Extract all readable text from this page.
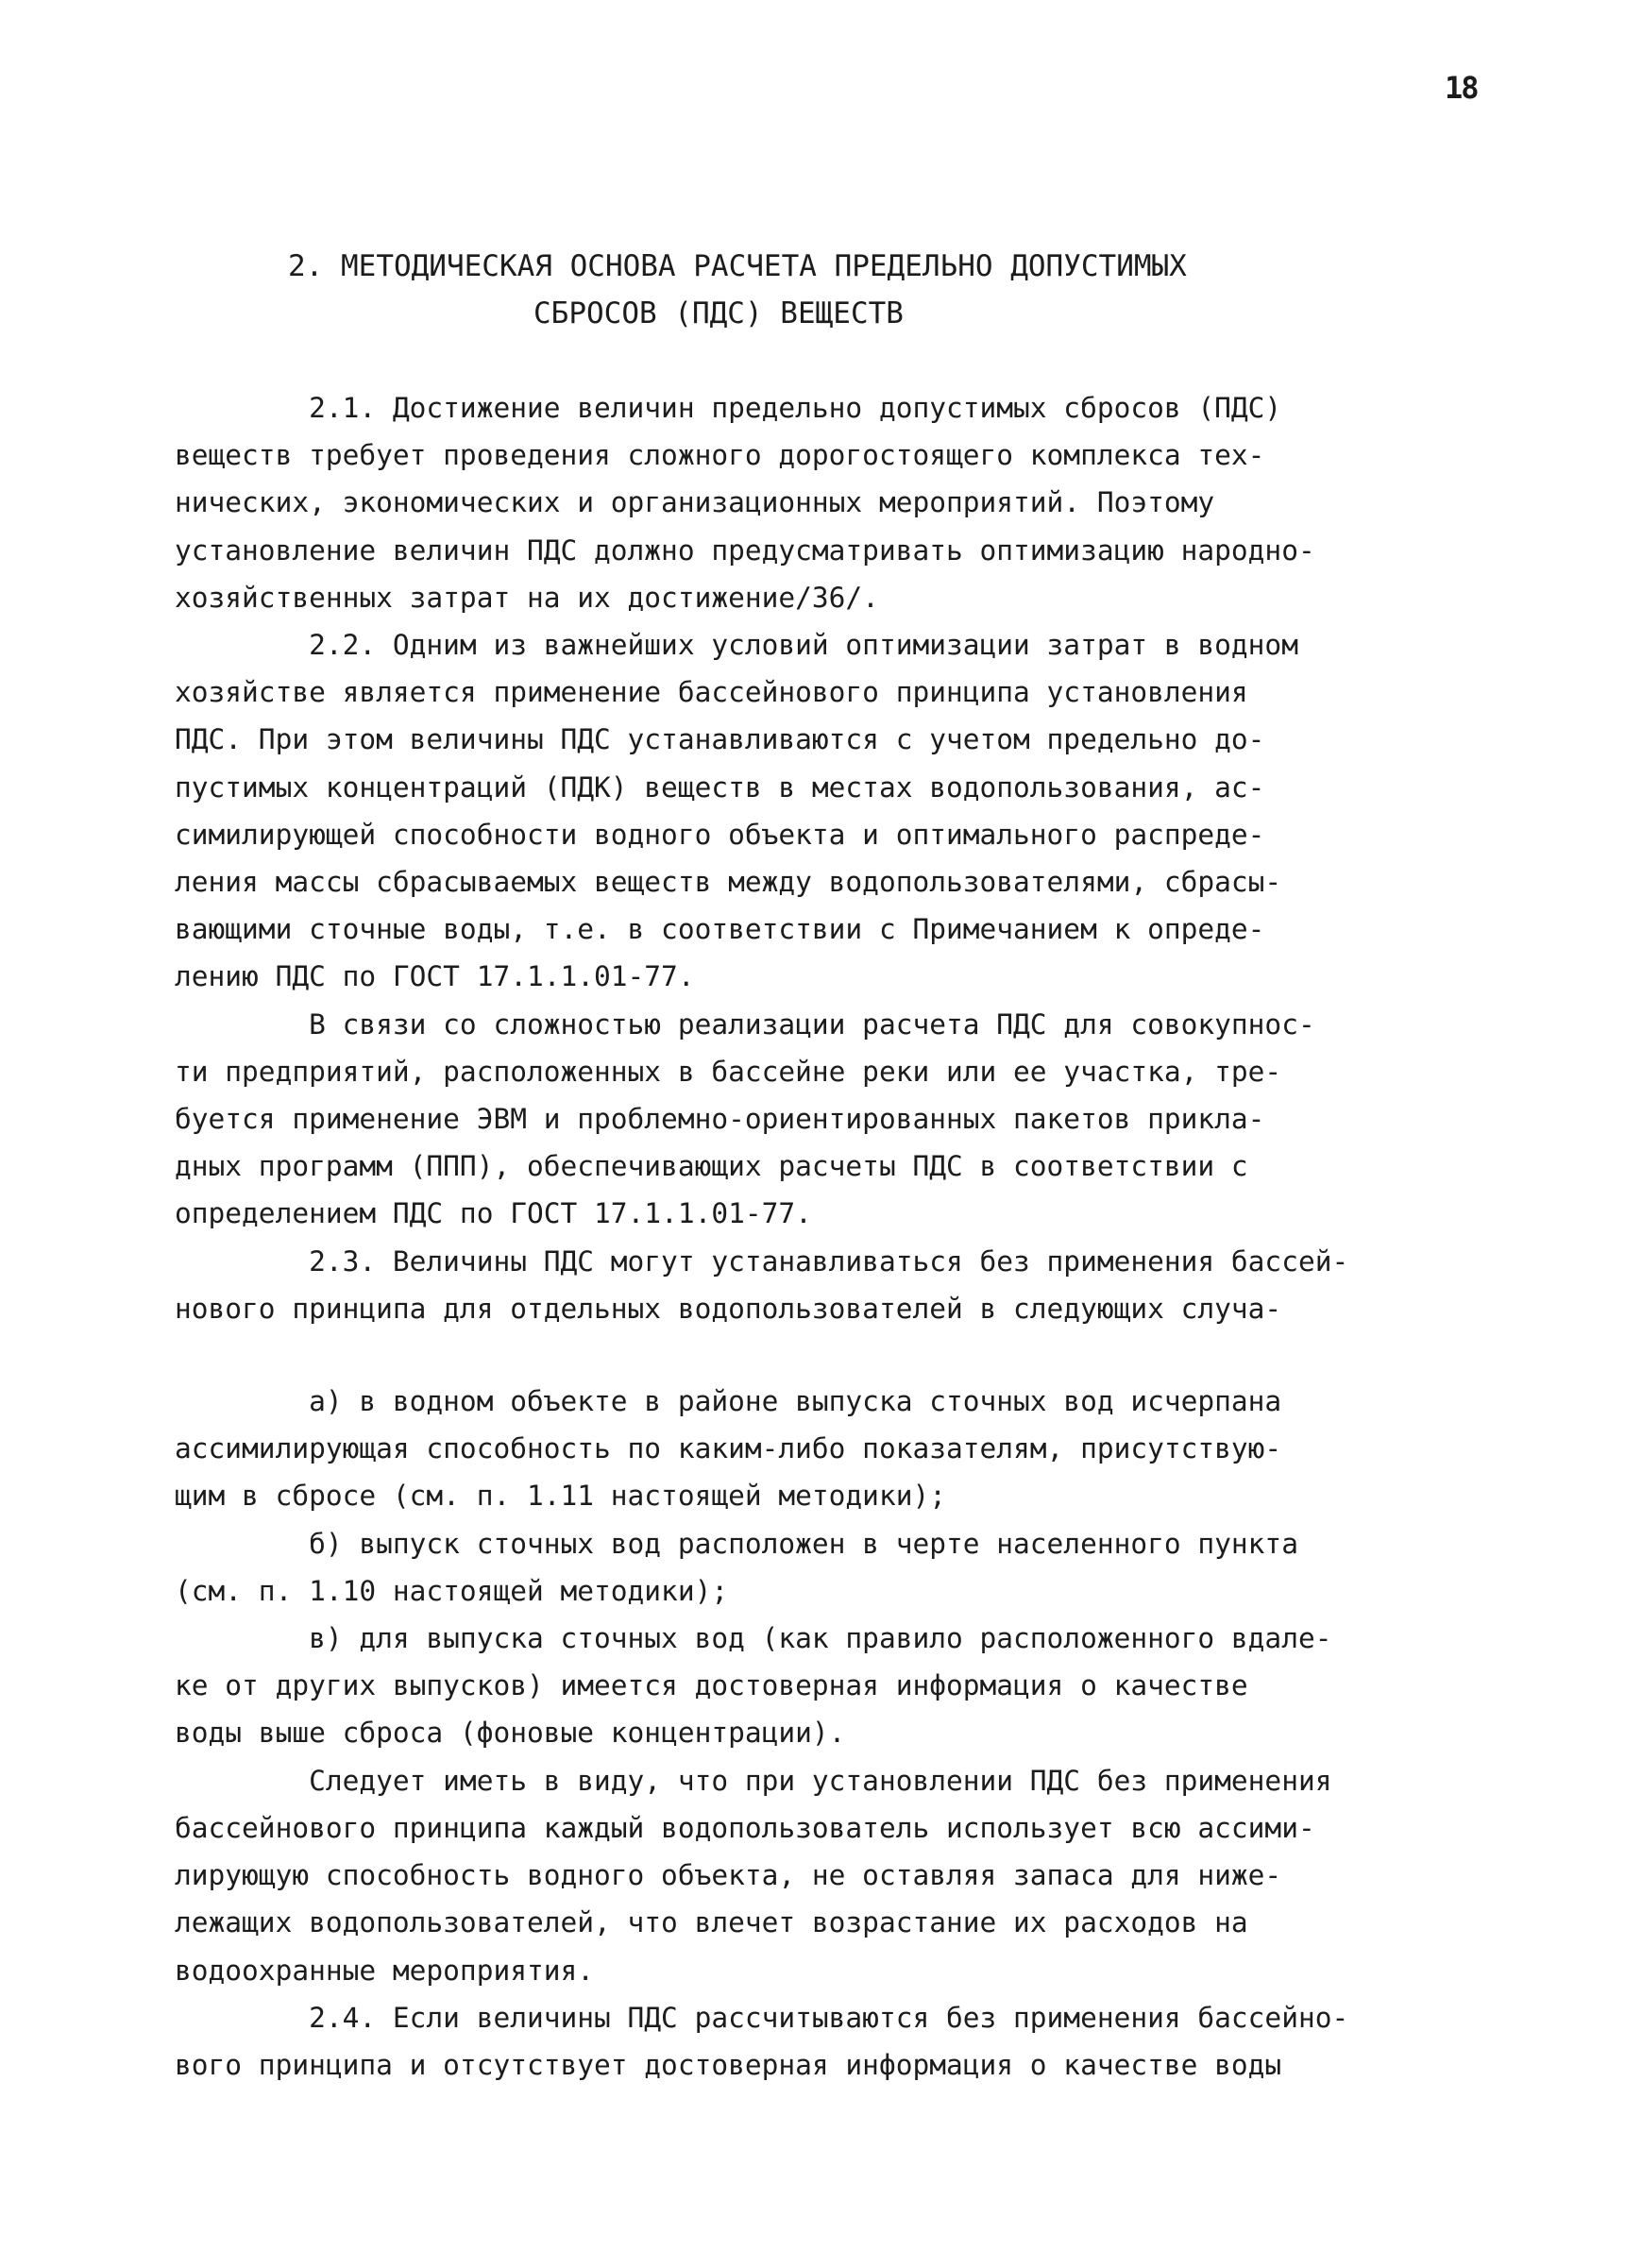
18
2. МЕТОДИЧЕСКАЯ ОСНОВА РАСЧЕТА ПРЕДЕЛЬНО ДОПУСТИМЫХ
СБРОСОВ (ПДС) ВЕЩЕСТВ
2.1. Достижение величин предельно допустимых сбросов (ПДС)
веществ требует проведения сложного дорогостоящего комплекса тех-
нических, экономических и организационных мероприятий. Поэтому
установление величин ПДС должно предусматривать оптимизацию народно-
хозяйственных затрат на их достижение/36/.
2.2. Одним из важнейших условий оптимизации затрат в водном
хозяйстве является применение бассейнового принципа установления
ПДС. При этом величины ПДС устанавливаются с учетом предельно до-
пустимых концентраций (ПДК) веществ в местах водопользования, ас-
симилирующей способности водного объекта и оптимального распреде-
ления массы сбрасываемых веществ между водопользователями, сбрасы-
вающими сточные воды, т.е. в соответствии с Примечанием к опреде-
лению ПДС по ГОСТ 17.1.1.01-77.
В связи со сложностью реализации расчета ПДС для совокупнос-
ти предприятий, расположенных в бассейне реки или ее участка, тре-
буется применение ЭВМ и проблемно-ориентированных пакетов прикла-
дных программ (ППП), обеспечивающих расчеты ПДС в соответствии с
определением ПДС по ГОСТ 17.1.1.01-77.
2.3. Величины ПДС могут устанавливаться без применения бассей-
нового принципа для отдельных водопользователей в следующих случа-
а) в водном объекте в районе выпуска сточных вод исчерпана
ассимилирующая способность по каким-либо показателям, присутствую-
щим в сбросе (см. п. 1.11 настоящей методики);
б) выпуск сточных вод расположен в черте населенного пункта
(см. п. 1.10 настоящей методики);
в) для выпуска сточных вод (как правило расположенного вдале-
ке от других выпусков) имеется достоверная информация о качестве
воды выше сброса (фоновые концентрации).
Следует иметь в виду, что при установлении ПДС без применения
бассейнового принципа каждый водопользователь использует всю ассими-
лирующую способность водного объекта, не оставляя запаса для ниже-
лежащих водопользователей, что влечет возрастание их расходов на
водоохранные мероприятия.
2.4. Если величины ПДС рассчитываются без применения бассейно-
вого принципа и отсутствует достоверная информация о качестве воды
